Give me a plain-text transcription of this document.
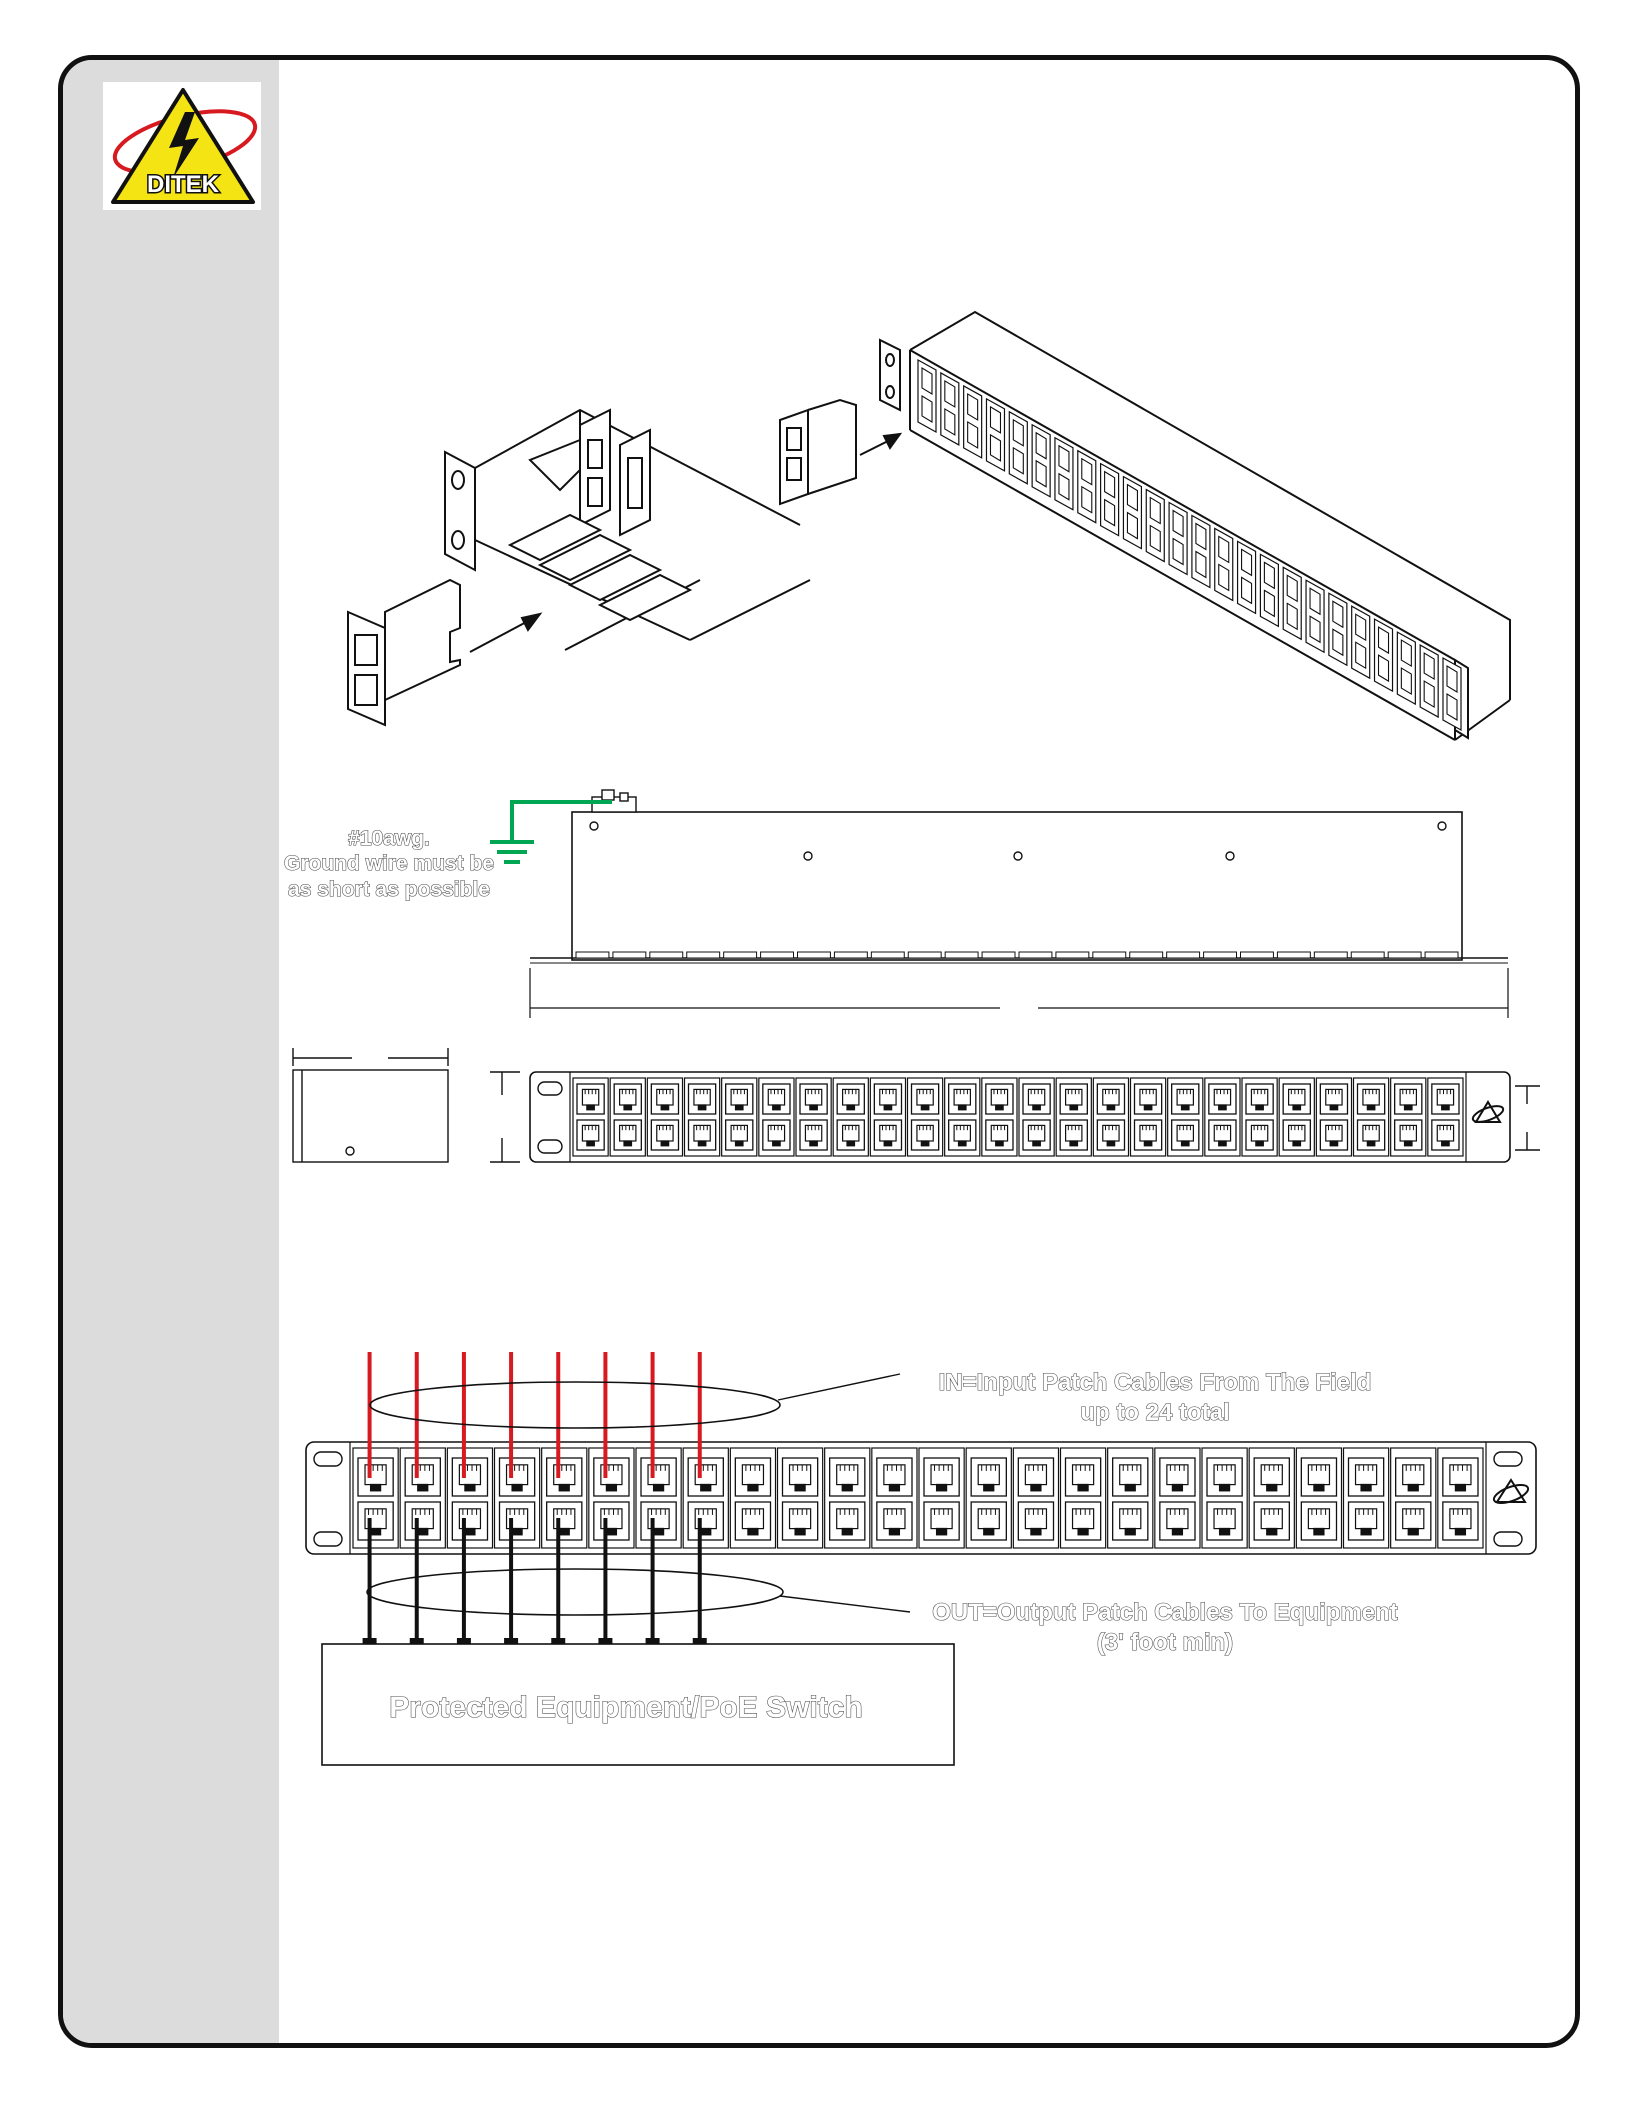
DITEK
#10awg.
Ground wire must be
as short as possible
Protected Equipment/PoE Switch
IN=Input Patch Cables From The Field
up to 24 total
OUT=Output Patch Cables To Equipment
(3' foot min)
